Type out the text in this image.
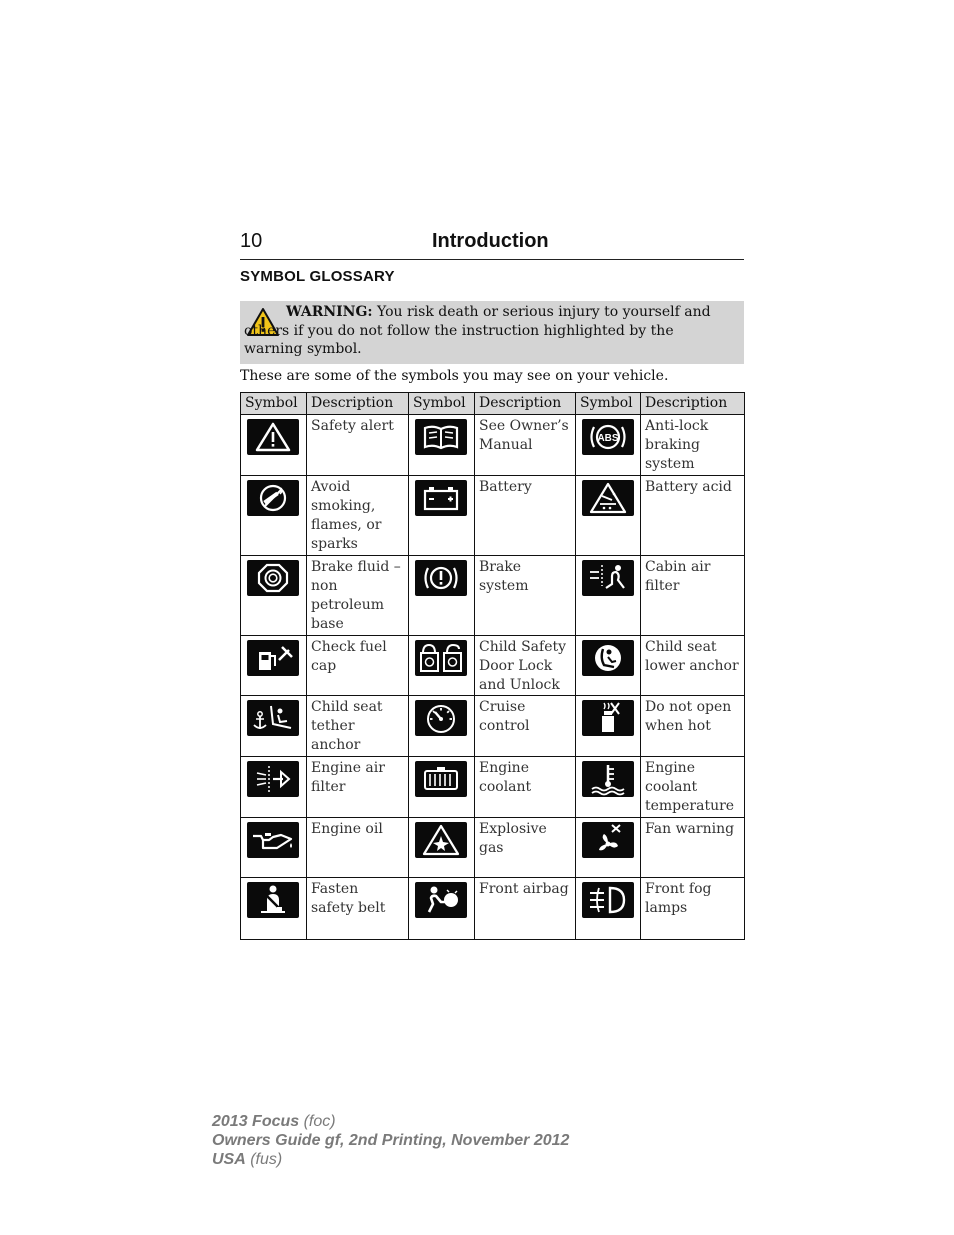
10	Introduction
SYMBOL GLOSSARY
WARNING: You risk death or serious injury to yourself and others if you do not follow the instruction highlighted by the warning symbol.
These are some of the symbols you may see on your vehicle.
Symbol	Description	Symbol	Description	Symbol	Description

	Safety alert		See Owner’s Manual	ABS	Anti-lock braking system

	Avoid smoking, flames, or sparks		Battery		Battery acid

	Brake fluid – non petroleum base		Brake system		Cabin air filter

	Check fuel cap		Child Safety Door Lock and Unlock		Child seat lower anchor

	Child seat tether anchor		Cruise control		Do not open when hot

	Engine air filter		Engine coolant		Engine coolant temperature

	Engine oil		Explosive gas		Fan warning

	Fasten safety belt		Front airbag		Front fog lamps
2013 Focus (foc)
Owners Guide gf, 2nd Printing, November 2012
USA (fus)
